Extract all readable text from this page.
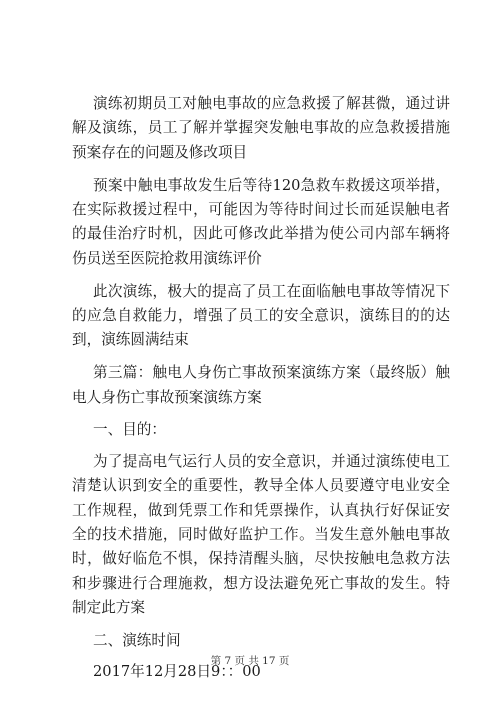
演练初期员工对触电事故的应急救援了解甚微，通过讲解及演练，员工了解并掌握突发触电事故的应急救援措施预案存在的问题及修改项目

预案中触电事故发生后等待120急救车救援这项举措，在实际救援过程中，可能因为等待时间过长而延误触电者的最佳治疗时机，因此可修改此举措为使公司内部车辆将伤员送至医院抢救用演练评价

此次演练，极大的提高了员工在面临触电事故等情况下的应急自救能力，增强了员工的安全意识，演练目的的达到，演练圆满结束

第三篇：触电人身伤亡事故预案演练方案（最终版）触电人身伤亡事故预案演练方案

一、目的：

为了提高电气运行人员的安全意识，并通过演练使电工清楚认识到安全的重要性，教导全体人员要遵守电业安全工作规程，做到凭票工作和凭票操作，认真执行好保证安全的技术措施，同时做好监护工作。当发生意外触电事故时，做好临危不惧，保持清醒头脑，尽快按触电急救方法和步骤进行合理施救，想方设法避免死亡事故的发生。特制定此方案

二、演练时间

2017年12月28日9：：00

第 7 页 共 17 页
